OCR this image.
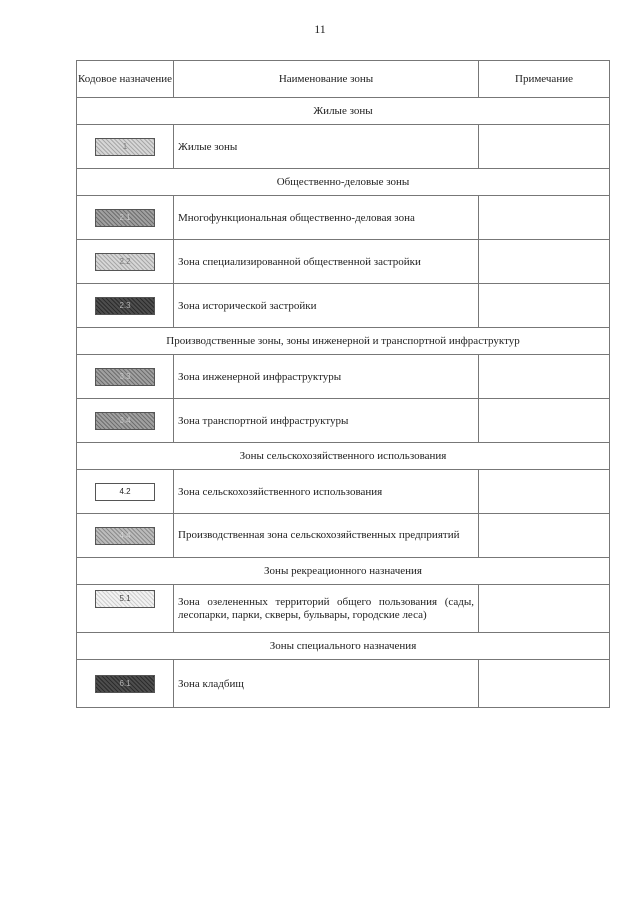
11
Кодовое назначение	Наименование зоны	Примечание
Жилые зоны		
1	Жилые зоны	
Общественно-деловые зоны		
2.1	Многофункциональная общественно-деловая зона	
2.2	Зона специализированной общественной застройки	
2.3	Зона исторической застройки	
Производственные зоны, зоны инженерной и транспортной инфраструктур		
3.3	Зона инженерной инфраструктуры	
3.4	Зона транспортной инфраструктуры	
Зоны сельскохозяйственного использования		
4.2	Зона сельскохозяйственного использования	
4.4	Производственная зона сельскохозяйственных предприятий	
Зоны рекреационного назначения		
5.1	Зона озелененных территорий общего пользования (сады, лесопарки, парки, скверы, бульвары, городские леса)	
Зоны специального назначения		
6.1	Зона кладбищ	
